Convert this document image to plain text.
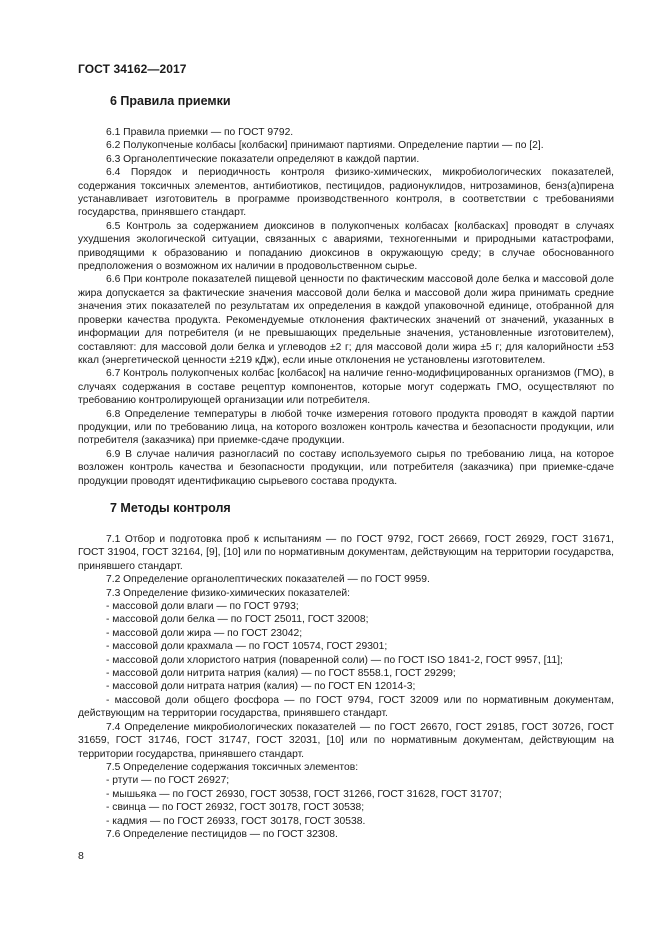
ГОСТ 34162—2017
6 Правила приемки

6.1 Правила приемки — по ГОСТ 9792.

6.2 Полукопченые колбасы [колбаски] принимают партиями. Определение партии — по [2].

6.3 Органолептические показатели определяют в каждой партии.

6.4 Порядок и периодичность контроля физико-химических, микробиологических показателей, содержания токсичных элементов, антибиотиков, пестицидов, радионуклидов, нитрозаминов, бенз(а)пирена устанавливает изготовитель в программе производственного контроля, в соответствии с требованиями государства, принявшего стандарт.

6.5 Контроль за содержанием диоксинов в полукопченых колбасах [колбасках] проводят в случаях ухудшения экологической ситуации, связанных с авариями, техногенными и природными катастрофами, приводящими к образованию и попаданию диоксинов в окружающую среду; в случае обоснованного предположения о возможном их наличии в продовольственном сырье.

6.6 При контроле показателей пищевой ценности по фактическим массовой доле белка и массовой доле жира допускается за фактические значения массовой доли белка и массовой доли жира принимать средние значения этих показателей по результатам их определения в каждой упаковочной единице, отобранной для проверки качества продукта. Рекомендуемые отклонения фактических значений от значений, указанных в информации для потребителя (и не превышающих предельные значения, установленные изготовителем), составляют: для массовой доли белка и углеводов ±2 г; для массовой доли жира ±5 г; для калорийности ±53 ккал (энергетической ценности ±219 кДж), если иные отклонения не установлены изготовителем.

6.7 Контроль полукопченых колбас [колбасок] на наличие генно-модифицированных организмов (ГМО), в случаях содержания в составе рецептур компонентов, которые могут содержать ГМО, осуществляют по требованию контролирующей организации или потребителя.

6.8 Определение температуры в любой точке измерения готового продукта проводят в каждой партии продукции, или по требованию лица, на которого возложен контроль качества и безопасности продукции, или потребителя (заказчика) при приемке-сдаче продукции.

6.9 В случае наличия разногласий по составу используемого сырья по требованию лица, на которое возложен контроль качества и безопасности продукции, или потребителя (заказчика) при приемке-сдаче продукции проводят идентификацию сырьевого состава продукта.

7 Методы контроля

7.1 Отбор и подготовка проб к испытаниям — по ГОСТ 9792, ГОСТ 26669, ГОСТ 26929, ГОСТ 31671, ГОСТ 31904, ГОСТ 32164, [9], [10] или по нормативным документам, действующим на территории государства, принявшего стандарт.

7.2 Определение органолептических показателей — по ГОСТ 9959.

7.3 Определение физико-химических показателей:

- массовой доли влаги — по ГОСТ 9793;

- массовой доли белка — по ГОСТ 25011, ГОСТ 32008;

- массовой доли жира — по ГОСТ 23042;

- массовой доли крахмала — по ГОСТ 10574, ГОСТ 29301;

- массовой доли хлористого натрия (поваренной соли) — по ГОСТ ISO 1841-2, ГОСТ 9957, [11];

- массовой доли нитрита натрия (калия) — по ГОСТ 8558.1, ГОСТ 29299;

- массовой доли нитрата натрия (калия) — по ГОСТ EN 12014-3;

- массовой доли общего фосфора — по ГОСТ 9794, ГОСТ 32009 или по нормативным документам, действующим на территории государства, принявшего стандарт.

7.4 Определение микробиологических показателей — по ГОСТ 26670, ГОСТ 29185, ГОСТ 30726, ГОСТ 31659, ГОСТ 31746, ГОСТ 31747, ГОСТ 32031, [10] или по нормативным документам, действующим на территории государства, принявшего стандарт.

7.5 Определение содержания токсичных элементов:

- ртути — по ГОСТ 26927;

- мышьяка — по ГОСТ 26930, ГОСТ 30538, ГОСТ 31266, ГОСТ 31628, ГОСТ 31707;

- свинца — по ГОСТ 26932, ГОСТ 30178, ГОСТ 30538;

- кадмия — по ГОСТ 26933, ГОСТ 30178, ГОСТ 30538.

7.6 Определение пестицидов — по ГОСТ 32308.

8
